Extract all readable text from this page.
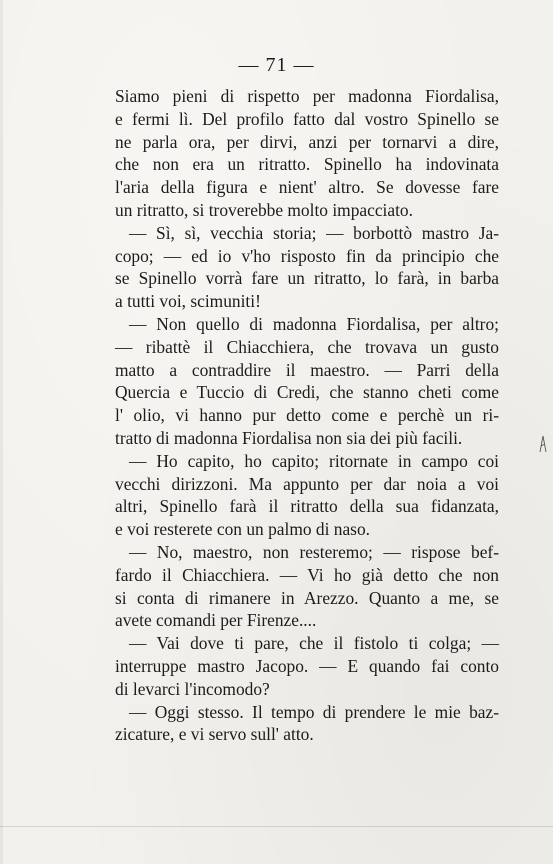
— 71 —
Siamo pieni di rispetto per madonna Fiordalisa,
e fermi lì. Del profilo fatto dal vostro Spinello se
ne parla ora, per dirvi, anzi per tornarvi a dire,
che non era un ritratto. Spinello ha indovinata
l'aria della figura e nient' altro. Se dovesse fare
un ritratto, si troverebbe molto impacciato.
— Sì, sì, vecchia storia; — borbottò mastro Ja-
copo; — ed io v'ho risposto fin da principio che
se Spinello vorrà fare un ritratto, lo farà, in barba
a tutti voi, scimuniti!
— Non quello di madonna Fiordalisa, per altro;
— ribattè il Chiacchiera, che trovava un gusto
matto a contraddire il maestro. — Parri della
Quercia e Tuccio di Credi, che stanno cheti come
l' olio, vi hanno pur detto come e perchè un ri-
tratto di madonna Fiordalisa non sia dei più facili.
— Ho capito, ho capito; ritornate in campo coi
vecchi dirizzoni. Ma appunto per dar noia a voi
altri, Spinello farà il ritratto della sua fidanzata,
e voi resterete con un palmo di naso.
— No, maestro, non resteremo; — rispose bef-
fardo il Chiacchiera. — Vi ho già detto che non
si conta di rimanere in Arezzo. Quanto a me, se
avete comandi per Firenze....
— Vai dove ti pare, che il fistolo ti colga; —
interruppe mastro Jacopo. — E quando fai conto
di levarci l'incomodo?
— Oggi stesso. Il tempo di prendere le mie baz-
zicature, e vi servo sull' atto.
